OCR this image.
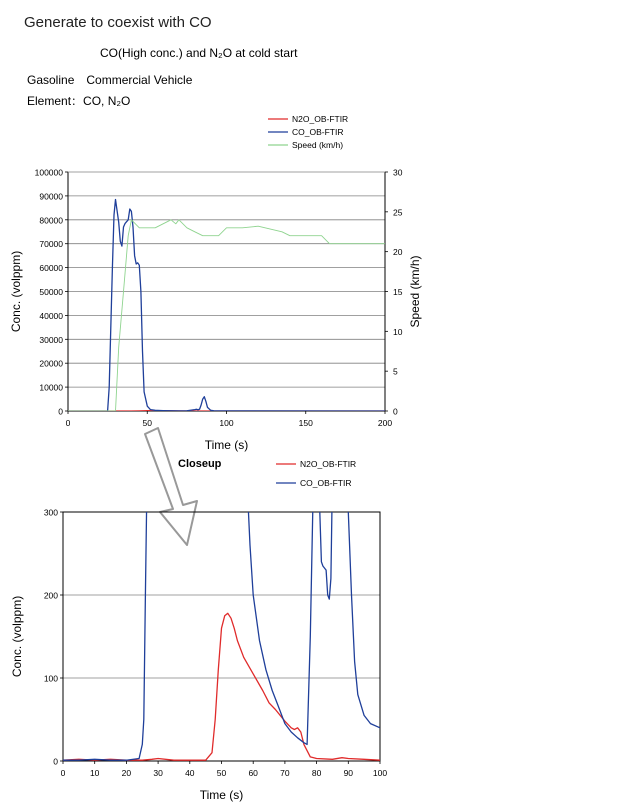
Generate to coexist with CO
CO(High conc.) and N₂O at cold start
Gasoline　Commercial Vehicle
Element：CO, N₂O
0
10000
20000
30000
40000
50000
60000
70000
80000
90000
100000
0	50	100	150	200
0
5
10
15
20
25
30
Time (s)
Conc. (volppm)	Speed (km/h)
N2O_OB-FTIR
CO_OB-FTIR
Speed (km/h)
0
100
200
300
0	10	20	30	40	50	60	70	80	90 100
Time (s)
Conc. (volppm)
Closeup	N2O_OB-FTIR
CO_OB-FTIR
